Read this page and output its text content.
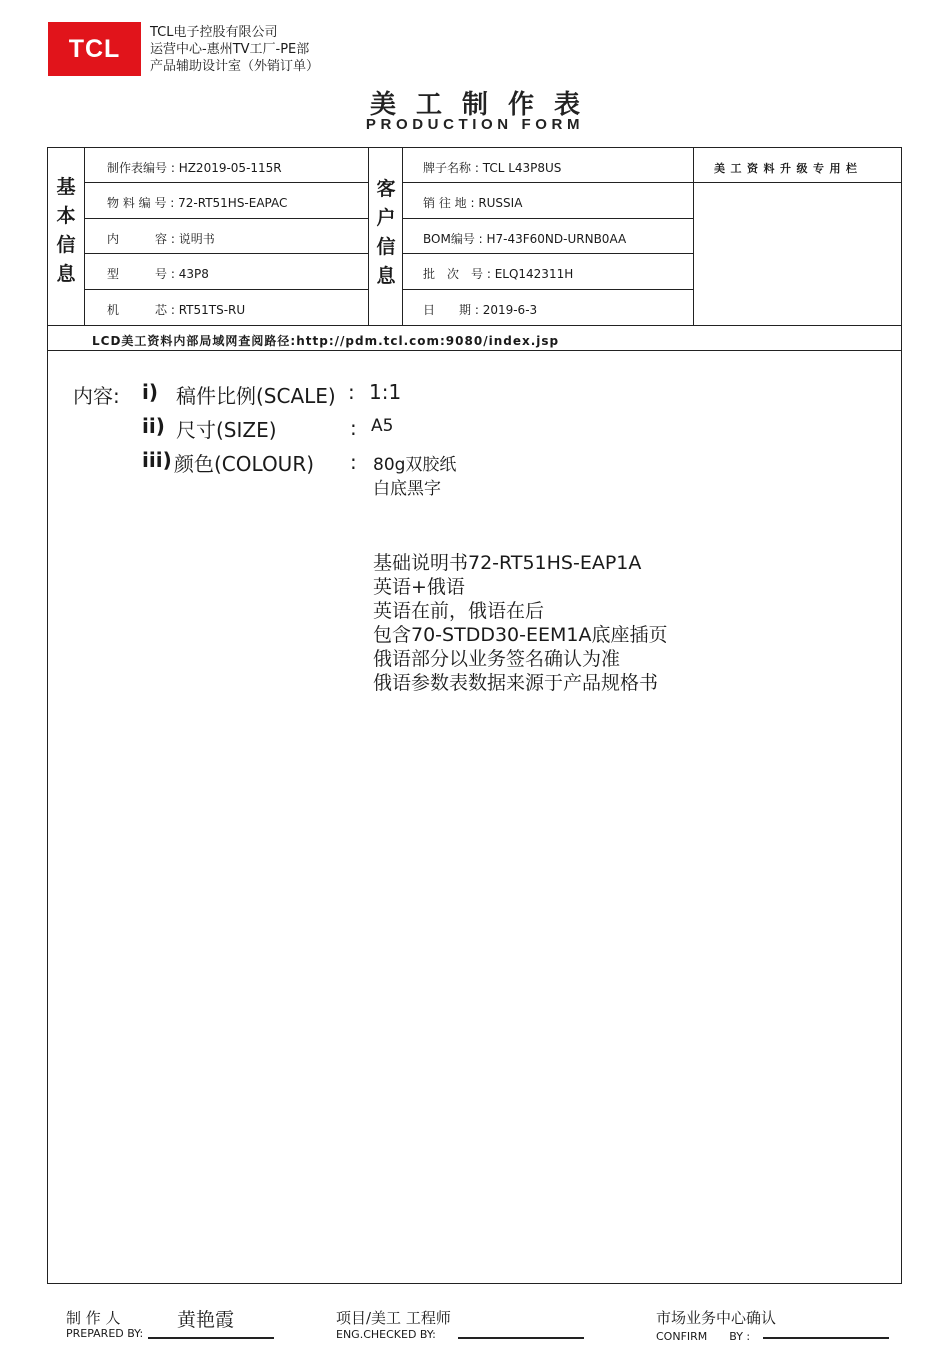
TCL
TCL电子控股有限公司
运营中心-惠州TV工厂-PE部
产品辅助设计室（外销订单）
美工制作表
PRODUCTION FORM
基
本
信
息
客
户
信
息
制作表编号 : HZ2019-05-115R
物 料 编 号 : 72-RT51HS-EAPAC
内　　　容 : 说明书
型　　　号 : 43P8
机　　　芯 : RT51TS-RU
牌子名称 : TCL L43P8US
销 往 地 : RUSSIA
BOM编号 : H7-43F60ND-URNB0AA
批　次　号 : ELQ142311H
日　　期 : 2019-6-3
美工资料升级专用栏
LCD美工资料内部局域网查阅路径:http://pdm.tcl.com:9080/index.jsp
内容: i) 稿件比例(SCALE) : 1:1
ii) 尺寸(SIZE)	: A5
iii) 颜色(COLOUR) : 80g双胶纸
白底黑字
基础说明书72-RT51HS-EAP1A
英语+俄语
英语在前，俄语在后
包含70-STDD30-EEM1A底座插页
俄语部分以业务签名确认为准
俄语参数表数据来源于产品规格书
制 作 人
PREPARED BY:
黄艳霞	项目/美工 工程师
ENG.CHECKED BY:
市场业务中心确认
CONFIRM　　BY :
